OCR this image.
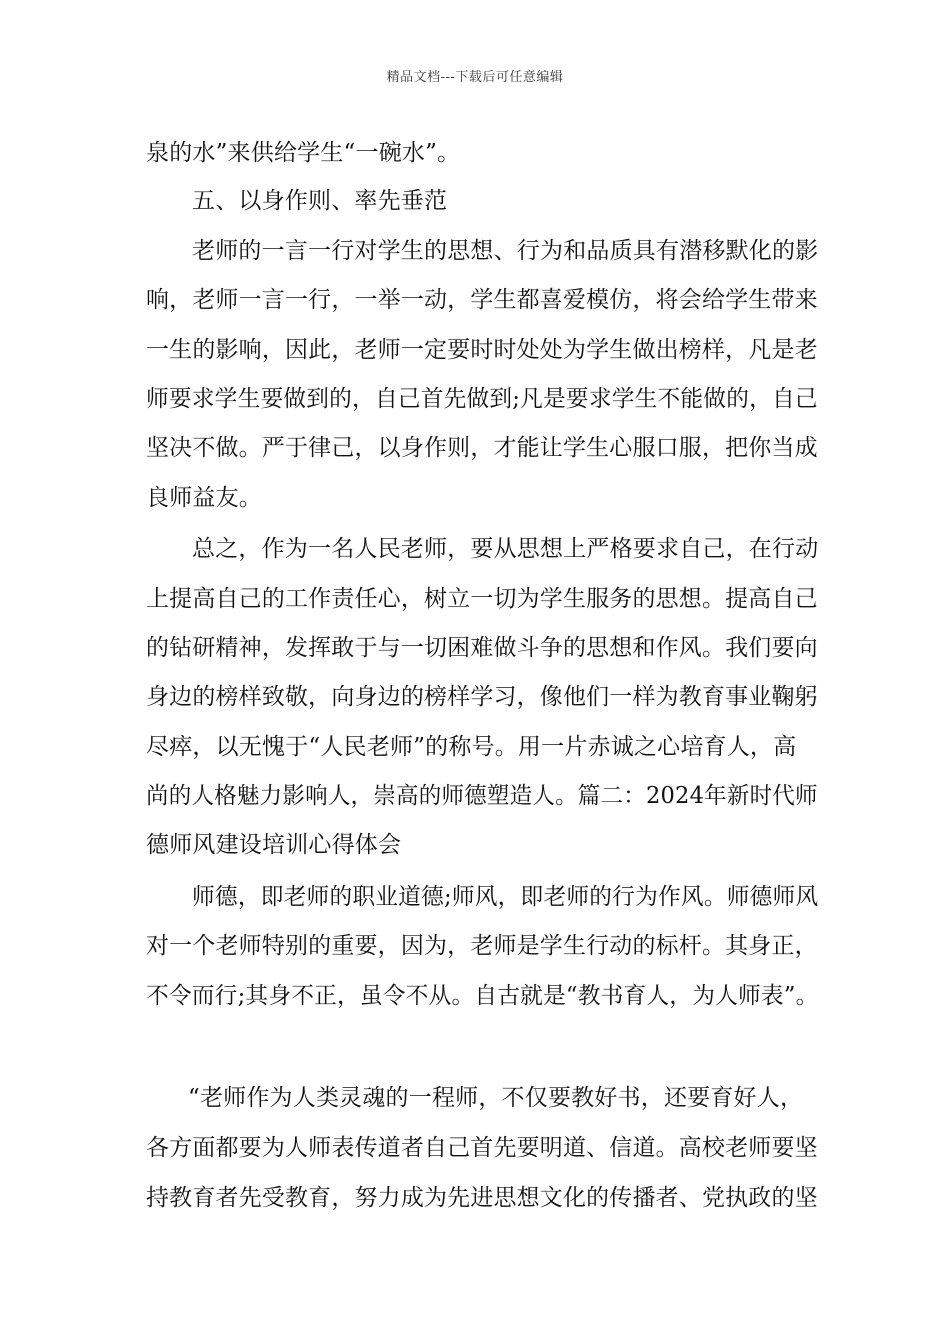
精品文档---下载后可任意编辑
泉的水”来供给学生“一碗水”。
五、以身作则、率先垂范
老师的一言一行对学生的思想、行为和品质具有潜移默化的影
响，老师一言一行，一举一动，学生都喜爱模仿，将会给学生带来
一生的影响，因此，老师一定要时时处处为学生做出榜样，凡是老
师要求学生要做到的，自己首先做到;凡是要求学生不能做的，自己
坚决不做。严于律己，以身作则，才能让学生心服口服，把你当成
良师益友。
总之，作为一名人民老师，要从思想上严格要求自己，在行动
上提高自己的工作责任心，树立一切为学生服务的思想。提高自己
的钻研精神，发挥敢于与一切困难做斗争的思想和作风。我们要向
身边的榜样致敬，向身边的榜样学习，像他们一样为教育事业鞠躬
尽瘁，以无愧于“人民老师”的称号。用一片赤诚之心培育人，高
尚的人格魅力影响人，崇高的师德塑造人。篇二：2024年新时代师
德师风建设培训心得体会
师德，即老师的职业道德;师风，即老师的行为作风。师德师风
对一个老师特别的重要，因为，老师是学生行动的标杆。其身正，
不令而行;其身不正，虽令不从。自古就是“教书育人，为人师表”。
“老师作为人类灵魂的一程师，不仅要教好书，还要育好人，
各方面都要为人师表传道者自己首先要明道、信道。高校老师要坚
持教育者先受教育，努力成为先进思想文化的传播者、党执政的坚
